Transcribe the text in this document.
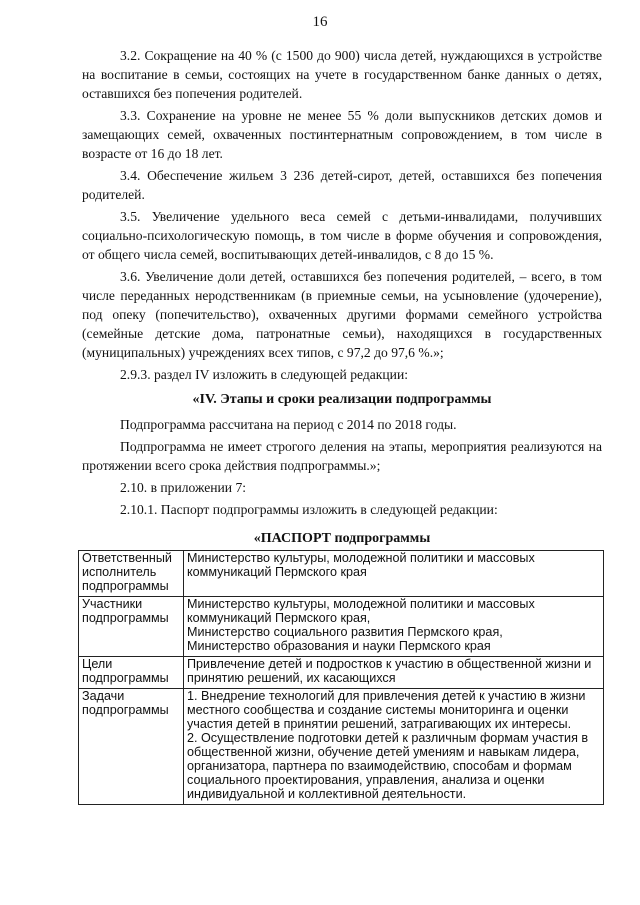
16

3.2. Сокращение на 40 % (с 1500 до 900) числа детей, нуждающихся в устройстве на воспитание в семьи, состоящих на учете в государственном банке данных о детях, оставшихся без попечения родителей.

3.3. Сохранение на уровне не менее 55 % доли выпускников детских домов и замещающих семей, охваченных постинтернатным сопровождением, в том числе в возрасте от 16 до 18 лет.

3.4. Обеспечение жильем 3 236 детей-сирот, детей, оставшихся без попечения родителей.

3.5. Увеличение удельного веса семей с детьми-инвалидами, получивших социально-психологическую помощь, в том числе в форме обучения и сопровождения, от общего числа семей, воспитывающих детей-инвалидов, с 8 до 15 %.

3.6. Увеличение доли детей, оставшихся без попечения родителей, – всего, в том числе переданных неродственникам (в приемные семьи, на усыновление (удочерение), под опеку (попечительство), охваченных другими формами семейного устройства (семейные детские дома, патронатные семьи), находящихся в государственных (муниципальных) учреждениях всех типов, с 97,2 до 97,6 %.»;

2.9.3. раздел IV изложить в следующей редакции:

«IV. Этапы и сроки реализации подпрограммы

Подпрограмма рассчитана на период с 2014 по 2018 годы.

Подпрограмма не имеет строгого деления на этапы, мероприятия реализуются на протяжении всего срока действия подпрограммы.»;

2.10. в приложении 7:

2.10.1. Паспорт подпрограммы изложить в следующей редакции:

«ПАСПОРТ подпрограммы
Ответственный исполнитель подпрограммы	Министерство культуры, молодежной политики и массовых коммуникаций Пермского края

Участники подпрограммы	Министерство культуры, молодежной политики и массовых коммуникаций Пермского края,
Министерство социального развития Пермского края,
Министерство образования и науки Пермского края

Цели подпрограммы	Привлечение детей и подростков к участию в общественной жизни и принятию решений, их касающихся

Задачи подпрограммы	1. Внедрение технологий для привлечения детей к участию в жизни местного сообщества и создание системы мониторинга и оценки участия детей в принятии решений, затрагивающих их интересы.
2. Осуществление подготовки детей к различным формам участия в общественной жизни, обучение детей умениям и навыкам лидера, организатора, партнера по взаимодействию, способам и формам социального проектирования, управления, анализа и оценки индивидуальной и коллективной деятельности.
